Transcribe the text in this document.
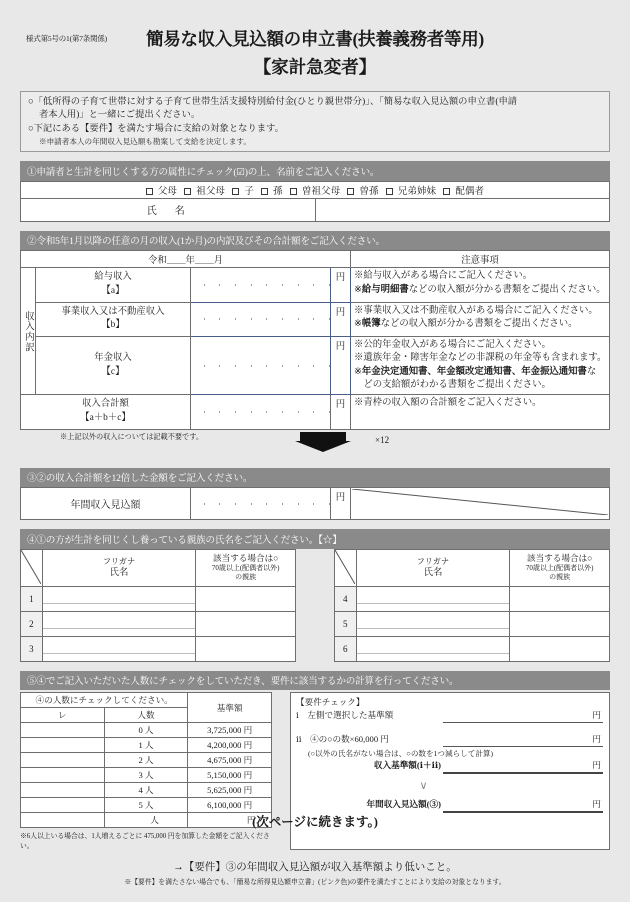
様式第5号の1(第7条関係)	簡易な収入見込額の申立書(扶養義務者等用)
【家計急変者】
○「低所得の子育て世帯に対する子育て世帯生活支援特別給付金(ひとり親世帯分)」、「簡易な収入見込額の申立書(申請
者本人用)」と一緒にご提出ください。
○下記にある【要件】を満たす場合に支給の対象となります。
※申請者本人の年間収入見込額も勘案して支給を決定します。
①申請者と生計を同じくする方の属性にチェック(☑)の上、名前をご記入ください。
父母 祖父母 子 孫 曽祖父母 曽孫 兄弟姉妹 配偶者
氏　名	
②令和5年1月以降の任意の月の収入(1か月)の内訳及びその合計額をご記入ください。
令和＿＿年＿＿月	注意事項
収入内訳	
給与収入
【a】

	円	※給与収入がある場合にご記入ください。
※給与明細書などの収入額が分かる書類をご提出ください。

事業収入又は不動産収入
【b】

	円	※事業収入又は不動産収入がある場合にご記入ください。
※帳簿などの収入額が分かる書類をご提出ください。

年金収入
【c】

	円	※公的年金収入がある場合にご記入ください。
※遺族年金・障害年金などの非課税の年金等も含まれます。
※年金決定通知書、年金額改定通知書、年金振込通知書な
　どの支給額がわかる書類をご提出ください。

収入合計額
【a＋b＋c】

	円	※青枠の収入額の合計額をご記入ください。
※上記以外の収入については記載不要です。	×12
③②の収入合計額を12倍した金額をご記入ください。
年間収入見込額	

	円	
④①の方が生計を同じくし養っている親族の氏名をご記入ください。【☆】

フリガナ
氏名

該当する場合は○
70歳以上(配偶者以外)
の親族

フリガナ
氏名

該当する場合は○
70歳以上(配偶者以外)
の親族

1				4	

2				5	

3				6	

⑤④でご記入いただいた人数にチェックをしていただき、要件に該当するかの計算を行ってください。
④の人数にチェックしてください。		基準額
レ	人数	
	0 人	3,725,000 円
	1 人	4,200,000 円
	2 人	4,675,000 円
	3 人	5,150,000 円
	4 人	5,625,000 円
	5 人	6,100,000 円
	　　人	　　　　　円
※6人以上いる場合は、1人増えるごとに 475,000 円を加算した金額をご記入ください。
【要件チェック】
ⅰ　左側で選択した基準額	円
ⅱ　④の○の数×60,000 円	円
(○以外の氏名がない場合は、○の数を1つ減らして計算)
収入基準額(ⅰ＋ⅱ)	円
∨
年間収入見込額(③)	円
→【要件】③の年間収入見込額が収入基準額より低いこと。
※【要件】を満たさない場合でも、「簡易な所得見込額申立書」(ピンク色)の要件を満たすことにより支給の対象となります。
(次ページに続きます。)
